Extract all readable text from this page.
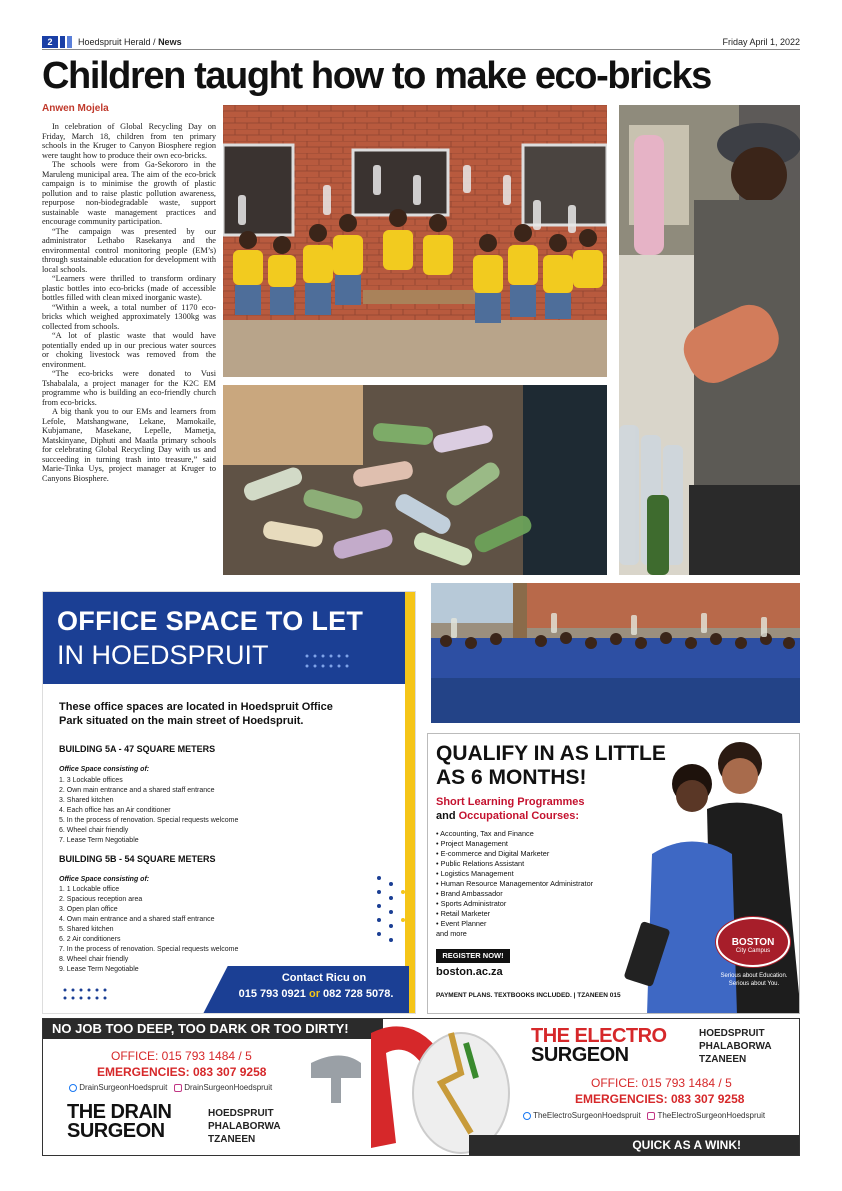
2	Hoedspruit Herald / News	Friday April 1, 2022
Children taught how to make eco-bricks
Anwen Mojela

In celebration of Global Recycling Day on Friday, March 18, children from ten primary schools in the Kruger to Canyon Biosphere region were taught how to produce their own eco-bricks.

The schools were from Ga-Sekororo in the Maruleng municipal area. The aim of the eco-brick campaign is to minimise the growth of plastic pollution and to raise plastic pollution awareness, repurpose non-biodegradable waste, support sustainable waste management practices and encourage community participation.

“The campaign was presented by our administrator Lethabo Rasekanya and the environmental control monitoring people (EM’s) through sustainable education for development with local schools.

“Learners were thrilled to transform ordinary plastic bottles into eco-bricks (made of accessible bottles filled with clean mixed inorganic waste).

“Within a week, a total number of 1170 eco-bricks which weighed approximately 1300kg was collected from schools.

“A lot of plastic waste that would have potentially ended up in our precious water sources or choking livestock was removed from the environment.

“The eco-bricks were donated to Vusi Tshabalala, a project manager for the K2C EM programme who is building an eco-friendly church from eco-bricks.

A big thank you to our EMs and learners from Lefole, Matshangwane, Lekane, Mamokaile, Kubjamane, Masekane, Lepelle, Mametja, Matskinyane, Diphuti and Maatla primary schools for celebrating Global Recycling Day with us and succeeding in turning trash into treasure,” said Marie-Tinka Uys, project manager at Kruger to Canyons Biosphere.

OFFICE SPACE TO LET
IN HOEDSPRUIT
These office spaces are located in Hoedspruit Office Park situated on the main street of Hoedspruit.
BUILDING 5A - 47 SQUARE METERS
Office Space consisting of:
1. 3 Lockable offices
2. Own main entrance and a shared staff entrance
3. Shared kitchen
4. Each office has an Air conditioner
5. In the process of renovation. Special requests welcome
6. Wheel chair friendly
7. Lease Term Negotiable
BUILDING 5B - 54 SQUARE METERS
Office Space consisting of:
1. 1 Lockable office
2. Spacious reception area
3. Open plan office
4. Own main entrance and a shared staff entrance
5. Shared kitchen
6. 2 Air conditioners
7. In the process of renovation. Special requests welcome
8. Wheel chair friendly
9. Lease Term Negotiable
Contact Ricu on
015 793 0921 or 082 728 5078.
QUALIFY IN AS LITTLE
AS 6 MONTHS!
Short Learning Programmes
and Occupational Courses:
• Accounting, Tax and Finance
• Project Management
• E-commerce and Digital Marketer
• Public Relations Assistant
• Logistics Management
• Human Resource Managementor Administrator
• Brand Ambassador
• Sports Administrator
• Retail Marketer
• Event Planner
and more
REGISTER NOW!
boston.ac.za
PAYMENT PLANS. TEXTBOOKS INCLUDED. | TZANEEN 015
BOSTON
City Campus
Serious about Education.
Serious about You.
NO JOB TOO DEEP, TOO DARK OR TOO DIRTY!
OFFICE: 015 793 1484 / 5
EMERGENCIES: 083 307 9258
DrainSurgeonHoedspruit DrainSurgeonHoedspruit
THE DRAIN
SURGEON
HOEDSPRUIT
PHALABORWA
TZANEEN
THE ELECTRO
SURGEON
HOEDSPRUIT
PHALABORWA
TZANEEN
OFFICE: 015 793 1484 / 5
EMERGENCIES: 083 307 9258
TheElectroSurgeonHoedspruit TheElectroSurgeonHoedspruit
QUICK AS A WINK!
